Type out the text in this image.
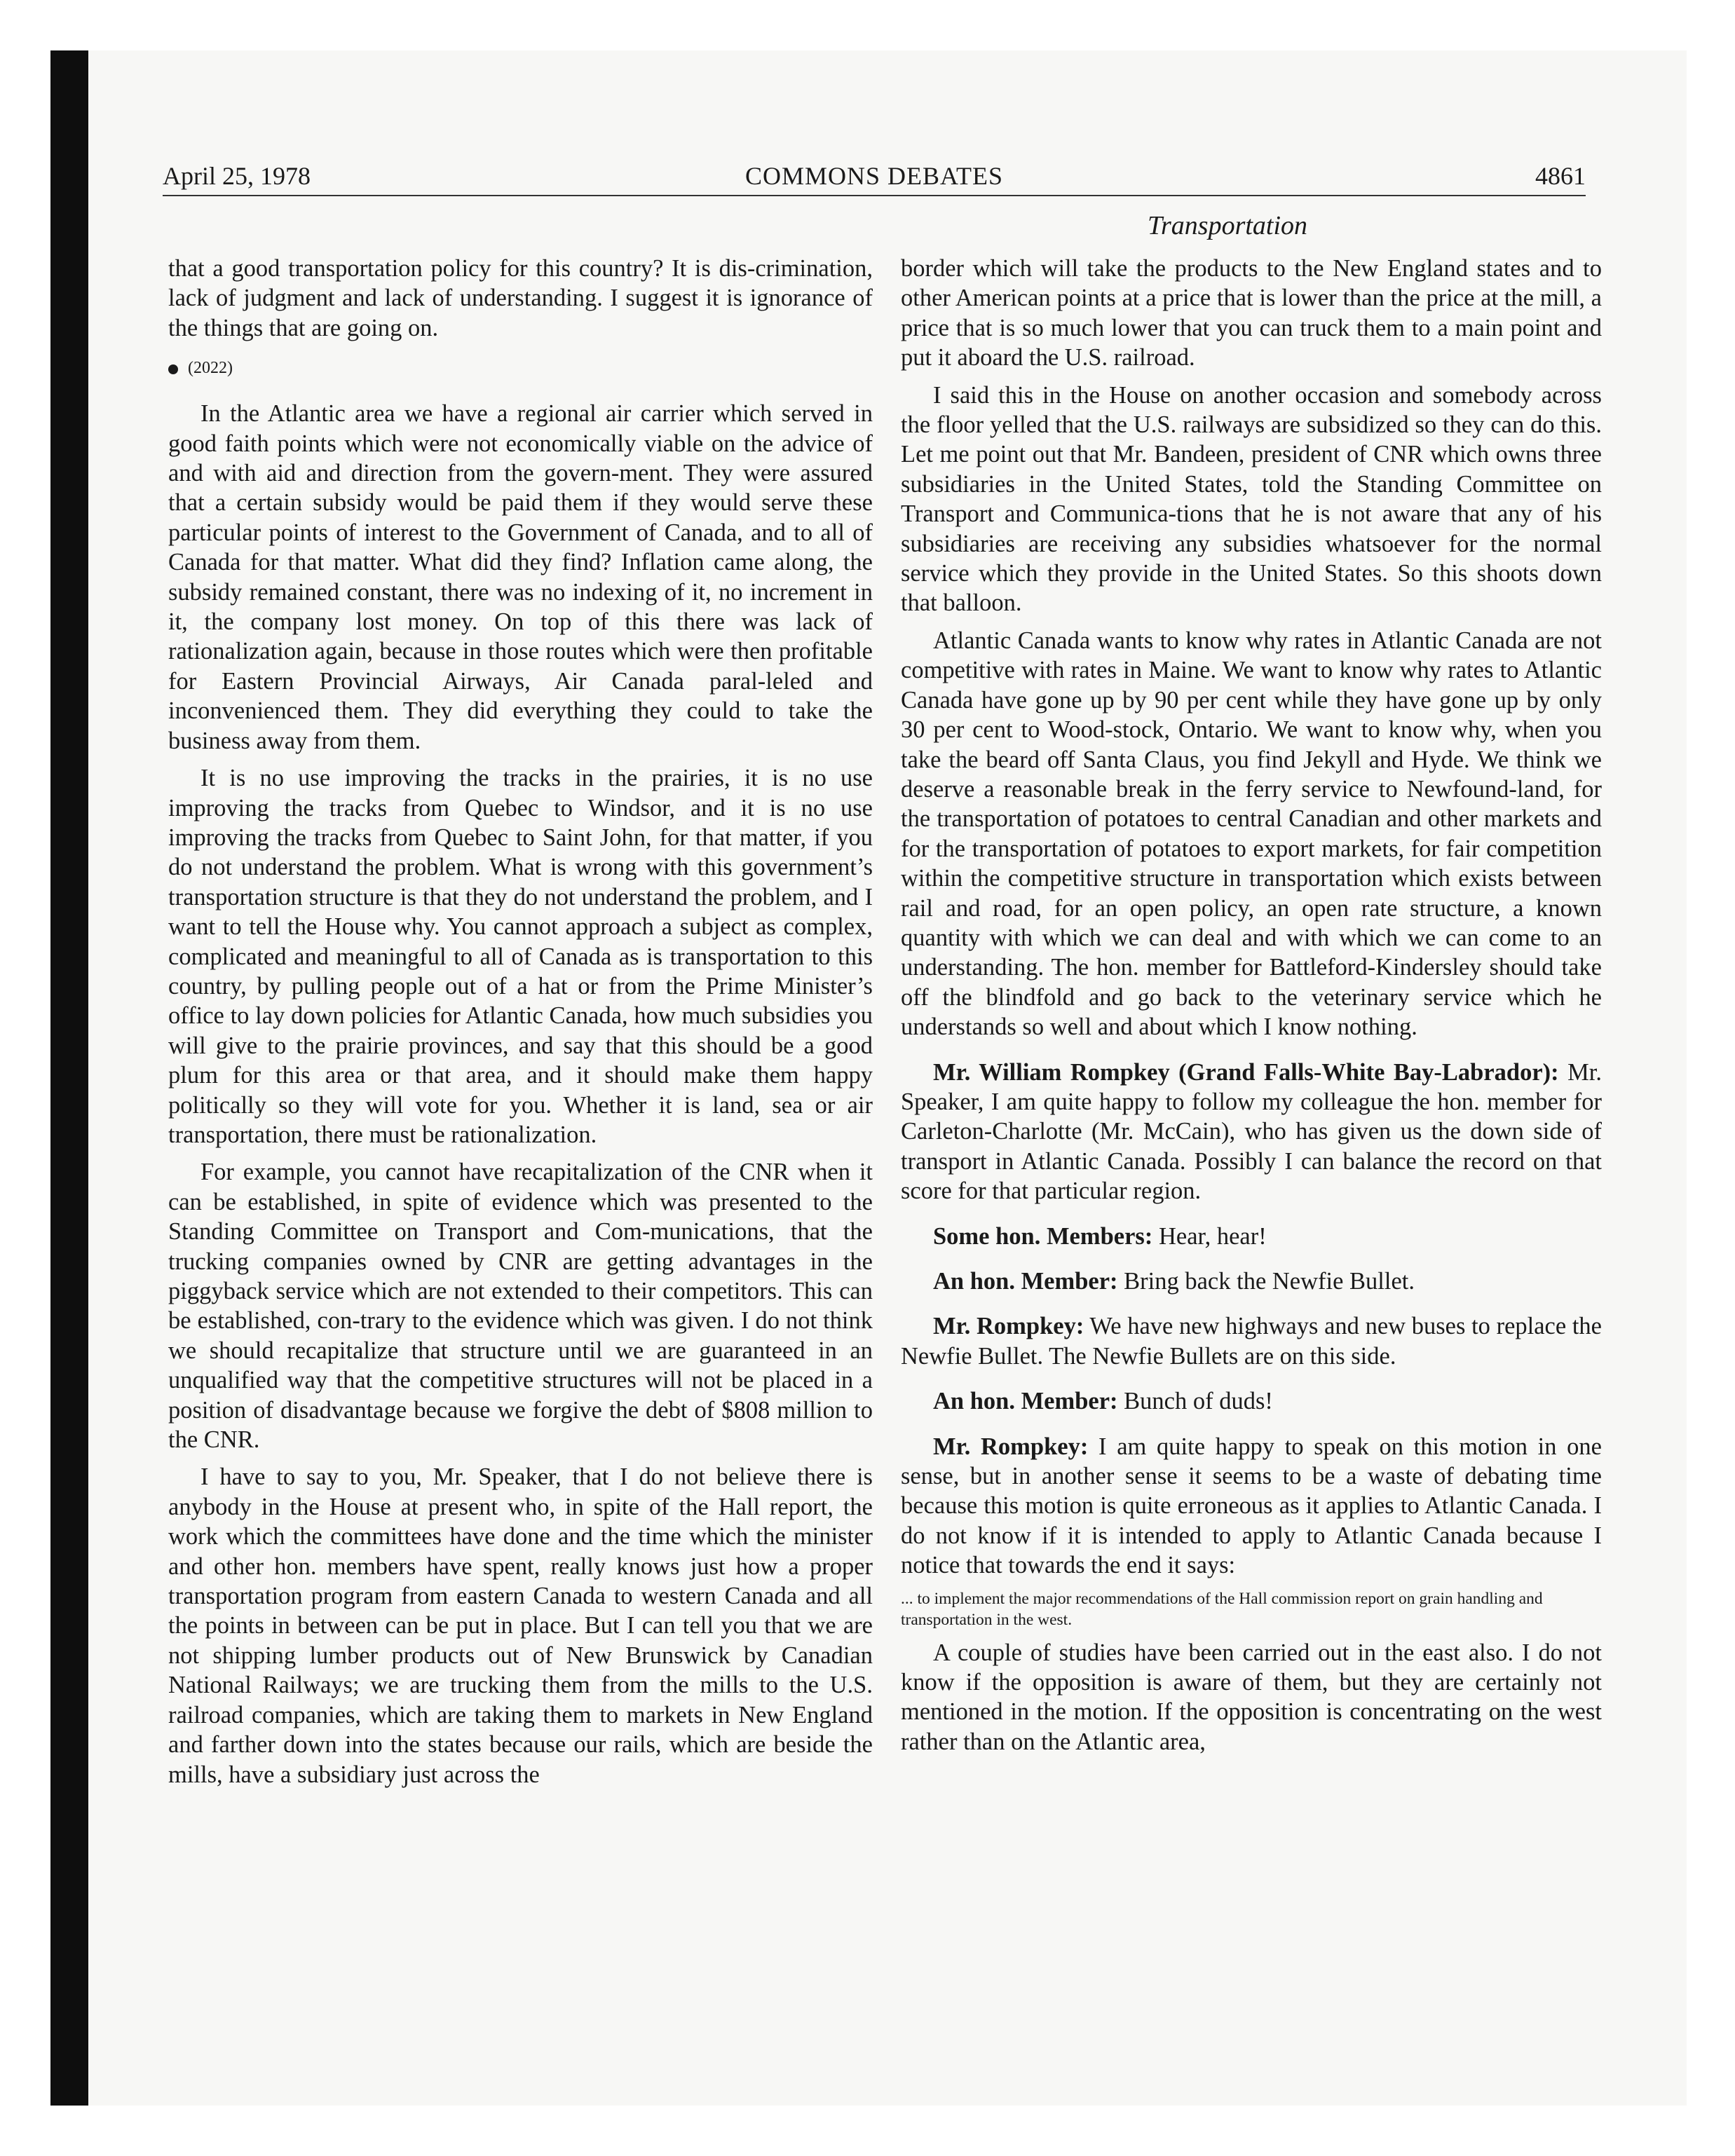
April 25, 1978	COMMONS DEBATES	4861
Transportation

that a good transportation policy for this country? It is dis-crimination, lack of judgment and lack of understanding. I suggest it is ignorance of the things that are going on.

(2022)

In the Atlantic area we have a regional air carrier which served in good faith points which were not economically viable on the advice of and with aid and direction from the govern-ment. They were assured that a certain subsidy would be paid them if they would serve these particular points of interest to the Government of Canada, and to all of Canada for that matter. What did they find? Inflation came along, the subsidy remained constant, there was no indexing of it, no increment in it, the company lost money. On top of this there was lack of rationalization again, because in those routes which were then profitable for Eastern Provincial Airways, Air Canada paral-leled and inconvenienced them. They did everything they could to take the business away from them.

It is no use improving the tracks in the prairies, it is no use improving the tracks from Quebec to Windsor, and it is no use improving the tracks from Quebec to Saint John, for that matter, if you do not understand the problem. What is wrong with this government’s transportation structure is that they do not understand the problem, and I want to tell the House why. You cannot approach a subject as complex, complicated and meaningful to all of Canada as is transportation to this country, by pulling people out of a hat or from the Prime Minister’s office to lay down policies for Atlantic Canada, how much subsidies you will give to the prairie provinces, and say that this should be a good plum for this area or that area, and it should make them happy politically so they will vote for you. Whether it is land, sea or air transportation, there must be rationalization.

For example, you cannot have recapitalization of the CNR when it can be established, in spite of evidence which was presented to the Standing Committee on Transport and Com-munications, that the trucking companies owned by CNR are getting advantages in the piggyback service which are not extended to their competitors. This can be established, con-trary to the evidence which was given. I do not think we should recapitalize that structure until we are guaranteed in an unqualified way that the competitive structures will not be placed in a position of disadvantage because we forgive the debt of $808 million to the CNR.

I have to say to you, Mr. Speaker, that I do not believe there is anybody in the House at present who, in spite of the Hall report, the work which the committees have done and the time which the minister and other hon. members have spent, really knows just how a proper transportation program from eastern Canada to western Canada and all the points in between can be put in place. But I can tell you that we are not shipping lumber products out of New Brunswick by Canadian National Railways; we are trucking them from the mills to the U.S. railroad companies, which are taking them to markets in New England and farther down into the states because our rails, which are beside the mills, have a subsidiary just across the

border which will take the products to the New England states and to other American points at a price that is lower than the price at the mill, a price that is so much lower that you can truck them to a main point and put it aboard the U.S. railroad.

I said this in the House on another occasion and somebody across the floor yelled that the U.S. railways are subsidized so they can do this. Let me point out that Mr. Bandeen, president of CNR which owns three subsidiaries in the United States, told the Standing Committee on Transport and Communica-tions that he is not aware that any of his subsidiaries are receiving any subsidies whatsoever for the normal service which they provide in the United States. So this shoots down that balloon.

Atlantic Canada wants to know why rates in Atlantic Canada are not competitive with rates in Maine. We want to know why rates to Atlantic Canada have gone up by 90 per cent while they have gone up by only 30 per cent to Wood-stock, Ontario. We want to know why, when you take the beard off Santa Claus, you find Jekyll and Hyde. We think we deserve a reasonable break in the ferry service to Newfound-land, for the transportation of potatoes to central Canadian and other markets and for the transportation of potatoes to export markets, for fair competition within the competitive structure in transportation which exists between rail and road, for an open policy, an open rate structure, a known quantity with which we can deal and with which we can come to an understanding. The hon. member for Battleford-Kindersley should take off the blindfold and go back to the veterinary service which he understands so well and about which I know nothing.

Mr. William Rompkey (Grand Falls-White Bay-Labrador): Mr. Speaker, I am quite happy to follow my colleague the hon. member for Carleton-Charlotte (Mr. McCain), who has given us the down side of transport in Atlantic Canada. Possibly I can balance the record on that score for that particular region.

Some hon. Members: Hear, hear!

An hon. Member: Bring back the Newfie Bullet.

Mr. Rompkey: We have new highways and new buses to replace the Newfie Bullet. The Newfie Bullets are on this side.

An hon. Member: Bunch of duds!

Mr. Rompkey: I am quite happy to speak on this motion in one sense, but in another sense it seems to be a waste of debating time because this motion is quite erroneous as it applies to Atlantic Canada. I do not know if it is intended to apply to Atlantic Canada because I notice that towards the end it says:

... to implement the major recommendations of the Hall commission report on grain handling and transportation in the west.

A couple of studies have been carried out in the east also. I do not know if the opposition is aware of them, but they are certainly not mentioned in the motion. If the opposition is concentrating on the west rather than on the Atlantic area,
